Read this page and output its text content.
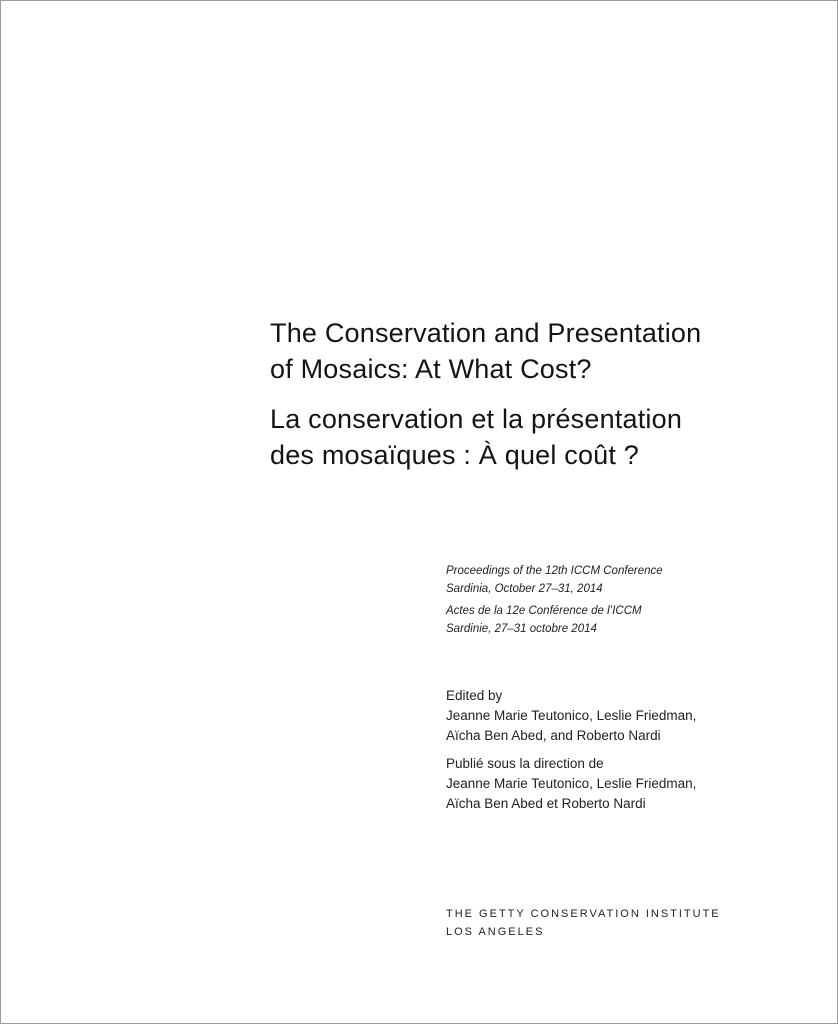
The Conservation and Presentation
of Mosaics: At What Cost?
La conservation et la présentation
des mosaïques : À quel coût ?
Proceedings of the 12th ICCM Conference
Sardinia, October 27–31, 2014
Actes de la 12e Conférence de l’ICCM
Sardinie, 27–31 octobre 2014
Edited by
Jeanne Marie Teutonico, Leslie Friedman,
Aïcha Ben Abed, and Roberto Nardi
Publié sous la direction de
Jeanne Marie Teutonico, Leslie Friedman,
Aïcha Ben Abed et Roberto Nardi
THE GETTY CONSERVATION INSTITUTE
LOS ANGELES
